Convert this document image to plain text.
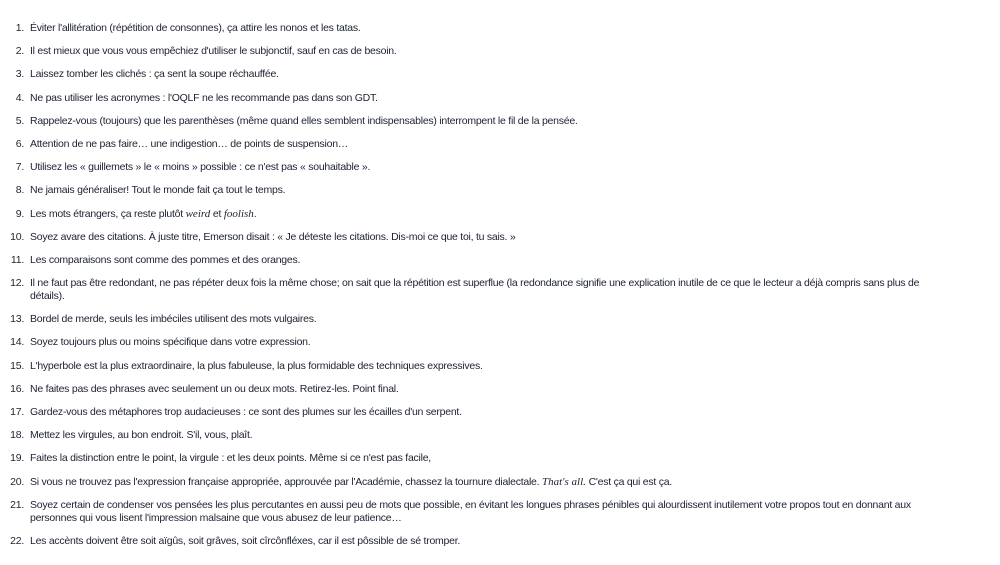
1. Éviter l'allitération (répétition de consonnes), ça attire les nonos et les tatas.
2. Il est mieux que vous vous empêchiez d'utiliser le subjonctif, sauf en cas de besoin.
3. Laissez tomber les clichés : ça sent la soupe réchauffée.
4. Ne pas utiliser les acronymes : l'OQLF ne les recommande pas dans son GDT.
5. Rappelez-vous (toujours) que les parenthèses (même quand elles semblent indispensables) interrompent le fil de la pensée.
6. Attention de ne pas faire… une indigestion… de points de suspension…
7. Utilisez les « guillemets » le « moins » possible : ce n'est pas « souhaitable ».
8. Ne jamais généraliser! Tout le monde fait ça tout le temps.
9. Les mots étrangers, ça reste plutôt weird et foolish.
10. Soyez avare des citations. À juste titre, Emerson disait : « Je déteste les citations. Dis-moi ce que toi, tu sais. »
11. Les comparaisons sont comme des pommes et des oranges.
12. Il ne faut pas être redondant, ne pas répéter deux fois la même chose; on sait que la répétition est superflue (la redondance signifie une explication inutile de ce que le lecteur a déjà compris sans plus de détails).
13. Bordel de merde, seuls les imbéciles utilisent des mots vulgaires.
14. Soyez toujours plus ou moins spécifique dans votre expression.
15. L'hyperbole est la plus extraordinaire, la plus fabuleuse, la plus formidable des techniques expressives.
16. Ne faites pas des phrases avec seulement un ou deux mots. Retirez-les. Point final.
17. Gardez-vous des métaphores trop audacieuses : ce sont des plumes sur les écailles d'un serpent.
18. Mettez les virgules, au bon endroit. S'il, vous, plaît.
19. Faites la distinction entre le point, la virgule : et les deux points. Même si ce n'est pas facile,
20. Si vous ne trouvez pas l'expression française appropriée, approuvée par l'Académie, chassez la tournure dialectale. That's all. C'est ça qui est ça.
21. Soyez certain de condenser vos pensées les plus percutantes en aussi peu de mots que possible, en évitant les longues phrases pénibles qui alourdissent inutilement votre propos tout en donnant aux personnes qui vous lisent l'impression malsaine que vous abusez de leur patience…
22. Les accènts doivent être soit aïgûs, soit grâves, soit cîrcônfléxes, car il est pôssible de sé tromper.
